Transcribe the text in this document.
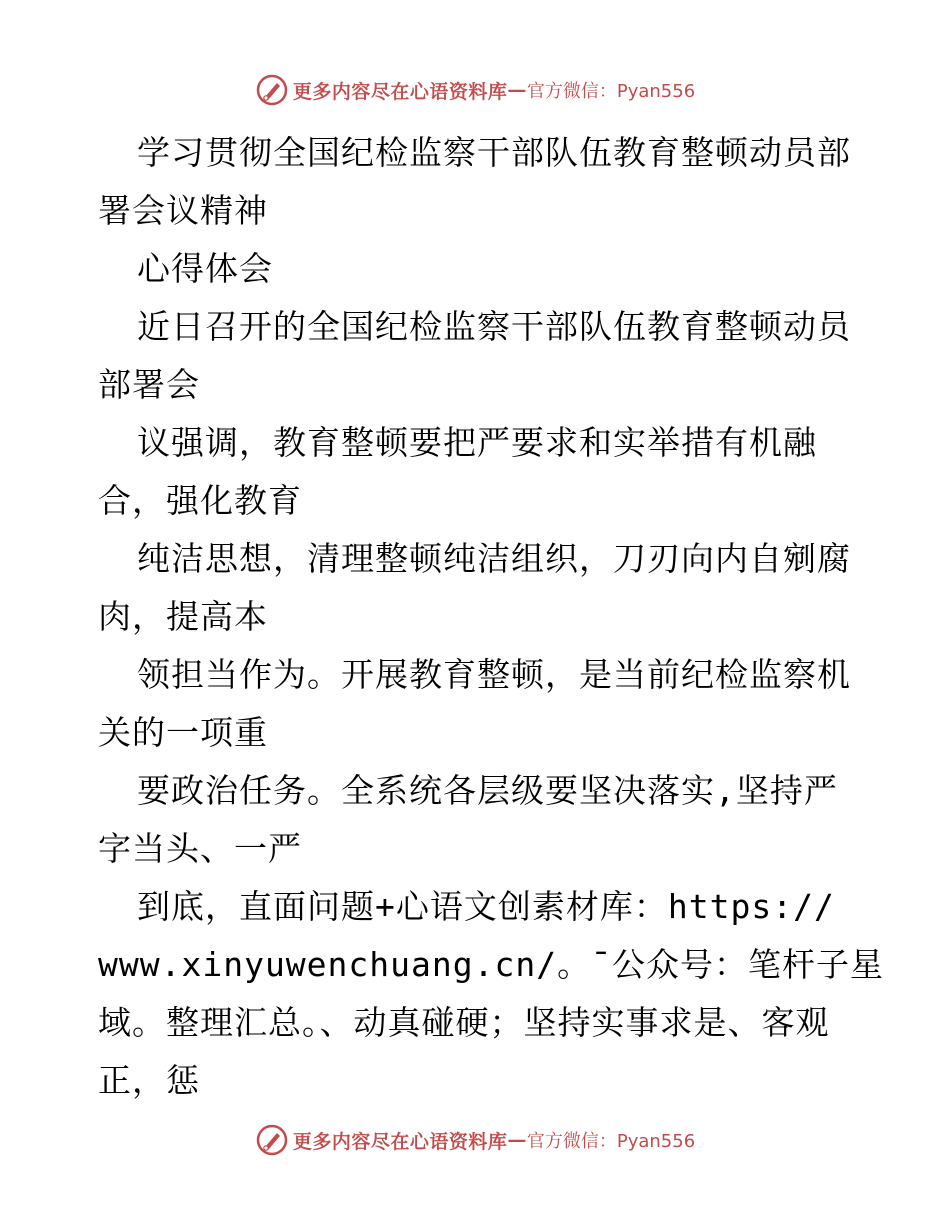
更多内容尽在心语资料库 — 官方微信：Pyan556
学习贯彻全国纪检监察干部队伍教育整顿动员部
署会议精神
心得体会
近日召开的全国纪检监察干部队伍教育整顿动员
部署会
议强调，教育整顿要把严要求和实举措有机融
合，强化教育
纯洁思想，清理整顿纯洁组织，刀刃向内自剜腐
肉，提高本
领担当作为。开展教育整顿，是当前纪检监察机
关的一项重
要政治任务。全系统各层级要坚决落实,坚持严
字当头、一严
到底，直面问题+心语文创素材库：https://
www.xinyuwenchuang.cn/。¯公众号：笔杆子星
域。整理汇总。、动真碰硬；坚持实事求是、客观
正，惩
更多内容尽在心语资料库 — 官方微信：Pyan556
